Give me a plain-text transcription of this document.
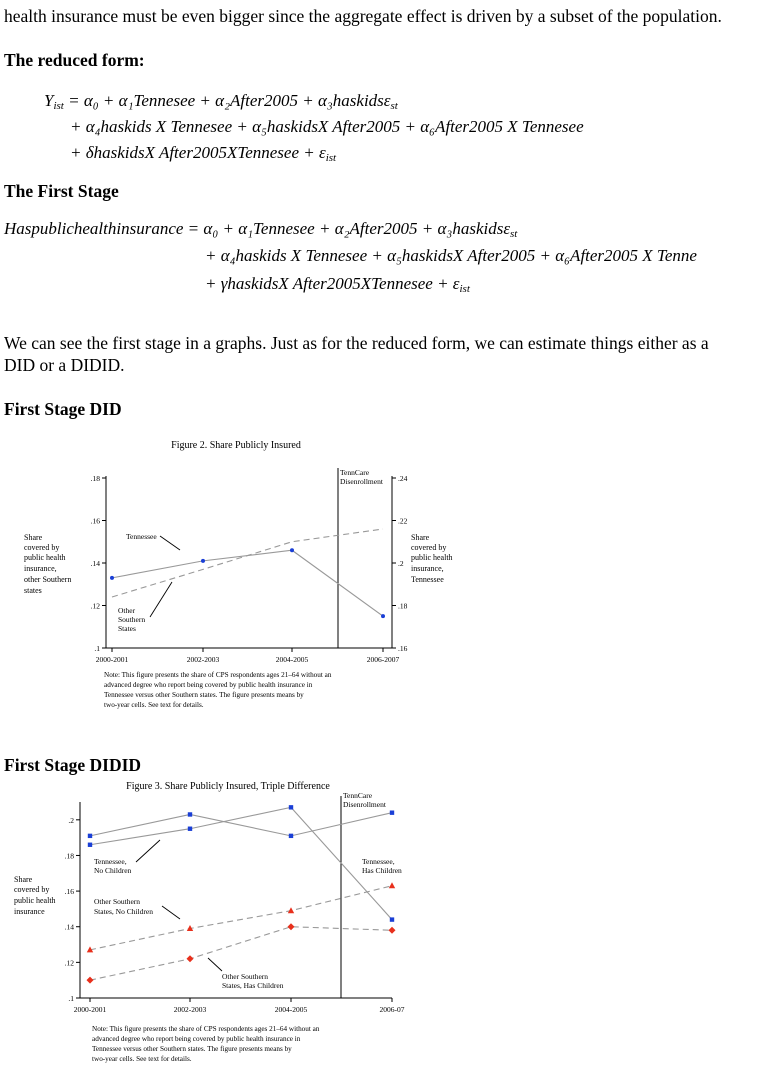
health insurance must be even bigger since the aggregate effect is driven by a subset of the population.
The reduced form:
$Y_{ist} = \alpha_0$ + α₁Tennesee + α₂After2005 + α₃haskidsε$_{st}$
+ α₄haskids X Tennesee + α₅haskidsX After2005 + α₆After2005 X Tennesee
+ δhaskidsX After2005XTennesee + $\varepsilon_{ist}$
The First Stage
Haspublichealthinsurance = α₀ + α₁Tennesee + α₂After2005 + α₃haskidsε$_{st}$
+ α₄haskids X Tennesee + α₅haskidsX After2005 + α₆After2005 X Tenne
+ γhaskidsX After2005XTennesee + $\varepsilon_{ist}$
We can see the first stage in a graphs. Just as for the reduced form, we can estimate things either as a DID or a DIDID.
First Stage DID
Figure 2. Share Publicly Insured
.1
.12
.14
.16
.18
.16
.18
.2
.22
.24
2000-2001	2002-2003	2004-2005	2006-2007
TennCare
Disenrollment
Share
covered by
public health
insurance,
other Southern
states
Share
covered by
public health
insurance,
Tennessee
Tennessee
Other
Southern
States
Note: This figure presents the share of CPS respondents ages 21–64 without an
advanced degree who report being covered by public health insurance in
Tennessee versus other Southern states. The figure presents means by
two-year cells. See text for details.
First Stage DIDID
Figure 3. Share Publicly Insured, Triple Difference
.1
.12
.14
.16
.18
.2
2000-2001	2002-2003	2004-2005	2006-07
TennCare
Disenrollment
Share
covered by
public health
insurance
Tennessee,
No Children
Tennessee,
Has Children
Other Southern
States, No Children
Other Southern
States, Has Children
Note: This figure presents the share of CPS respondents ages 21–64 without an
advanced degree who report being covered by public health insurance in
Tennessee versus other Southern states. The figure presents means by
two-year cells. See text for details.
